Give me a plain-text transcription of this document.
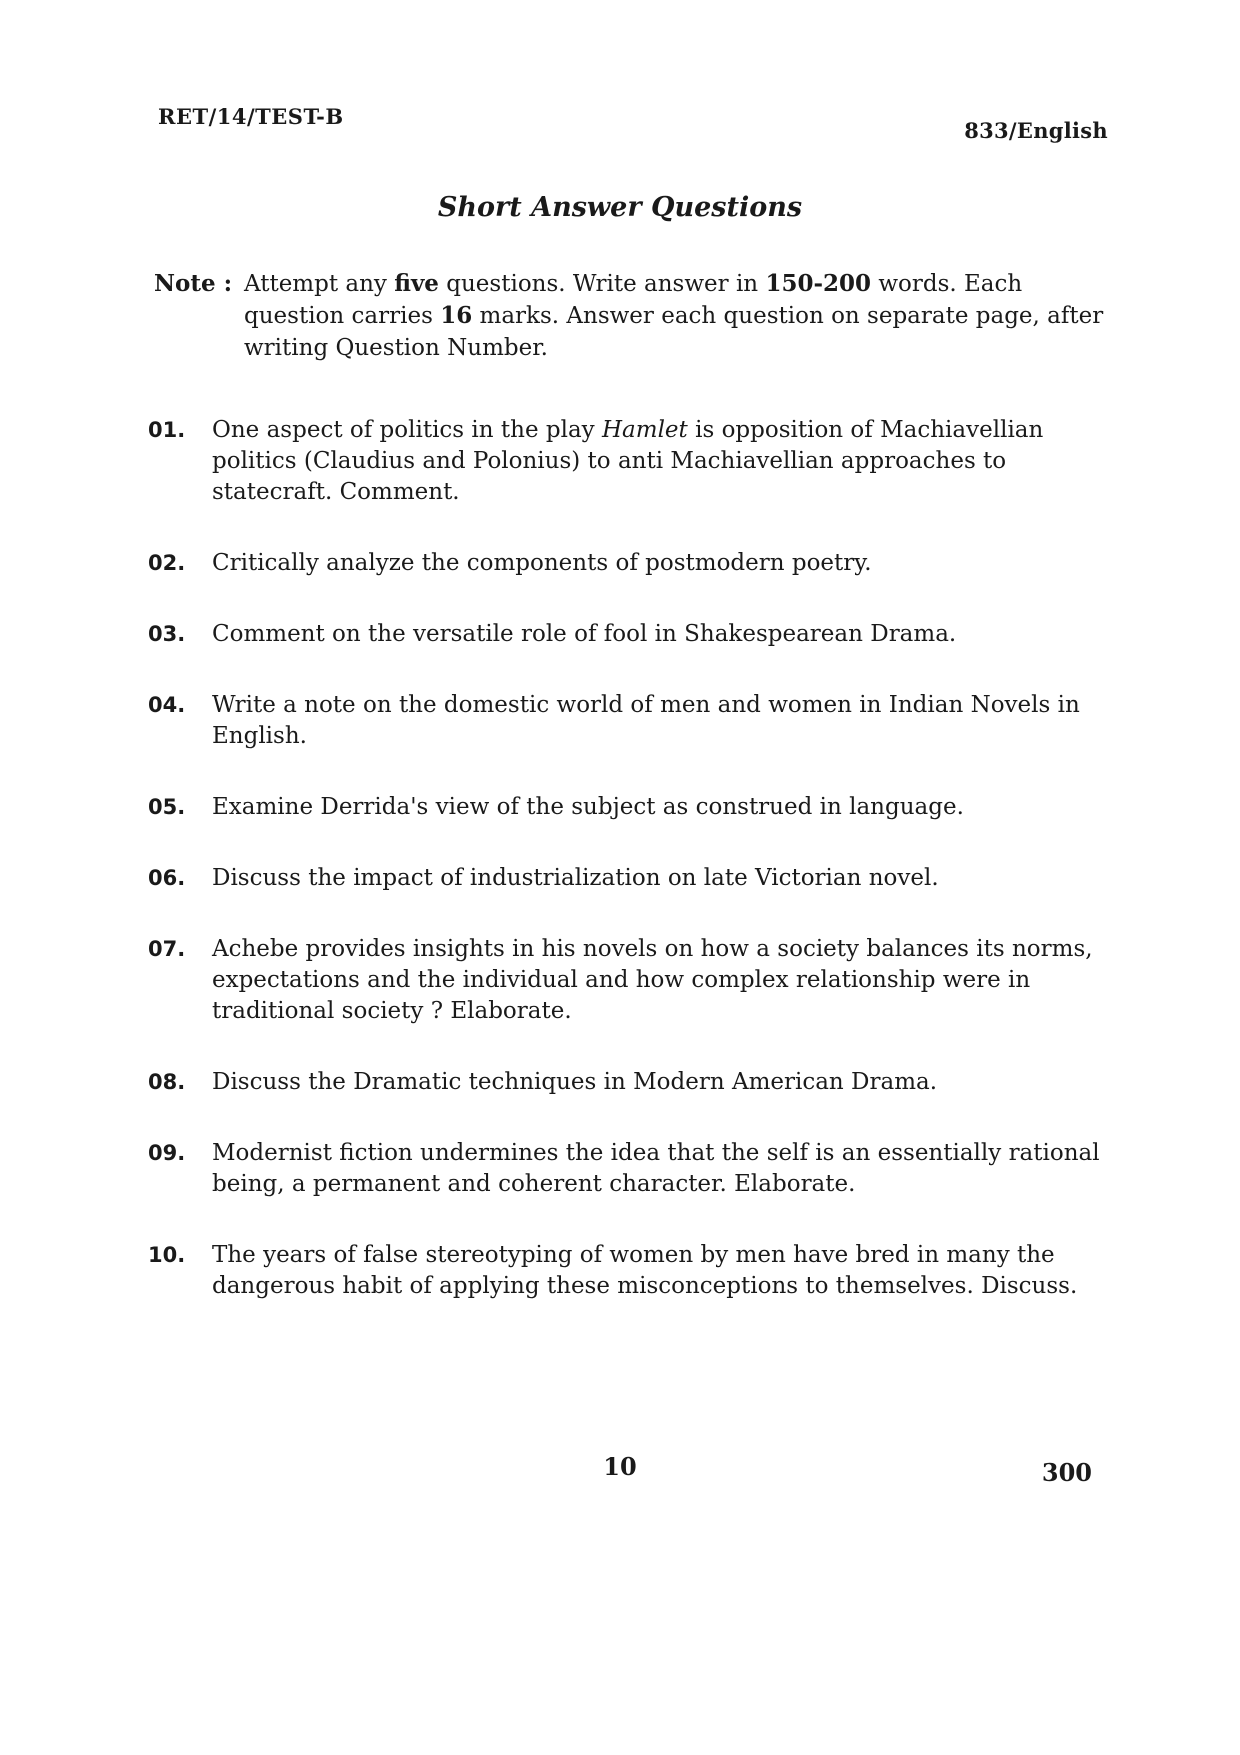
RET/14/TEST-B
833/English
Short Answer Questions
Note : Attempt any five questions. Write answer in 150-200 words. Each question carries 16 marks. Answer each question on separate page, after writing Question Number.
01. One aspect of politics in the play Hamlet is opposition of Machiavellian politics (Claudius and Polonius) to anti Machiavellian approaches to statecraft. Comment.
02. Critically analyze the components of postmodern poetry.
03. Comment on the versatile role of fool in Shakespearean Drama.
04. Write a note on the domestic world of men and women in Indian Novels in English.
05. Examine Derrida's view of the subject as construed in language.
06. Discuss the impact of industrialization on late Victorian novel.
07. Achebe provides insights in his novels on how a society balances its norms, expectations and the individual and how complex relationship were in traditional society ? Elaborate.
08. Discuss the Dramatic techniques in Modern American Drama.
09. Modernist fiction undermines the idea that the self is an essentially rational being, a permanent and coherent character. Elaborate.
10. The years of false stereotyping of women by men have bred in many the dangerous habit of applying these misconceptions to themselves. Discuss.
10	300
